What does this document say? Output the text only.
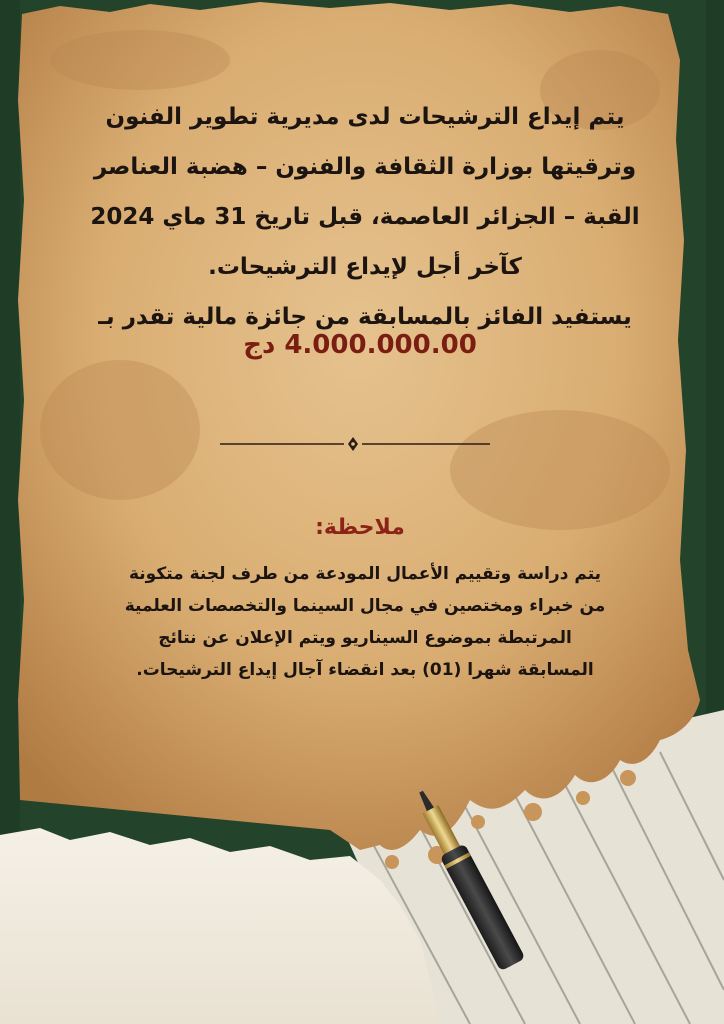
يتم إيداع الترشيحات لدى مديرية تطوير الفنون
وترقيتها بوزارة الثقافة والفنون – هضبة العناصر
القبة – الجزائر العاصمة، قبل تاريخ 31 ماي 2024
كآخر أجل لإيداع الترشيحات.
يستفيد الفائز بالمسابقة من جائزة مالية تقدر بـ
4.000.000.00 دج
ملاحظة:
يتم دراسة وتقييم الأعمال المودعة من طرف لجنة متكونة
من خبراء ومختصين في مجال السينما والتخصصات العلمية
المرتبطة بموضوع السيناريو ويتم الإعلان عن نتائج
المسابقة شهرا (01) بعد انقضاء آجال إيداع الترشيحات.
